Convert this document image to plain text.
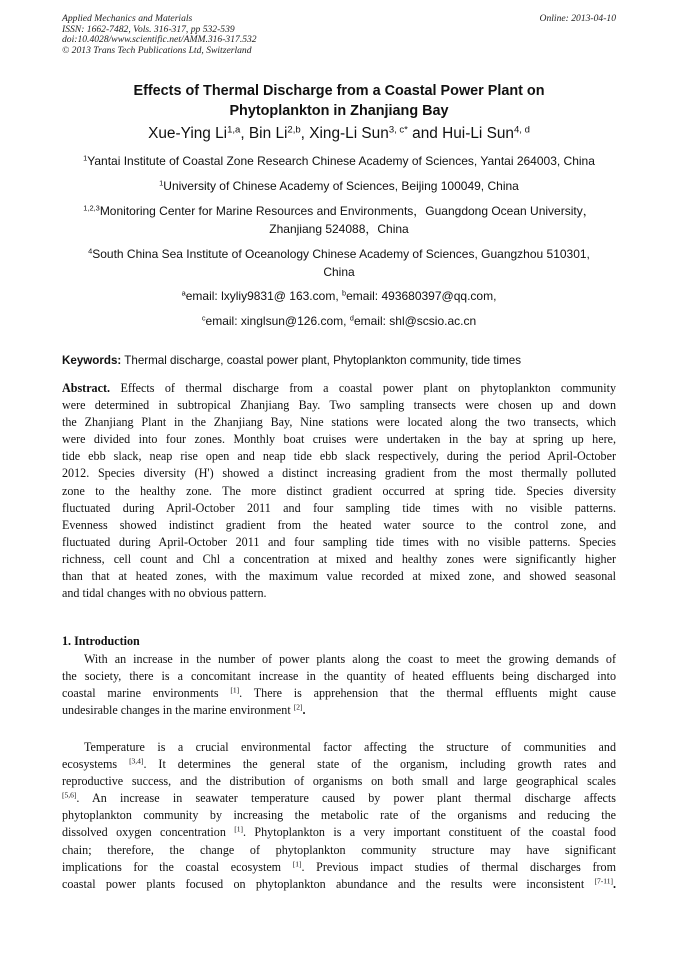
Applied Mechanics and Materials
ISSN: 1662-7482, Vols. 316-317, pp 532-539
doi:10.4028/www.scientific.net/AMM.316-317.532
© 2013 Trans Tech Publications Ltd, Switzerland
Online: 2013-04-10
Effects of Thermal Discharge from a Coastal Power Plant on
Phytoplankton in Zhanjiang Bay
Xue-Ying Li$^{1,a}$, Bin Li$^{2,b}$, Xing-Li Sun$^{3, c*}$ and Hui-Li Sun$^{4, d}$
$^1$Yantai Institute of Coastal Zone Research Chinese Academy of Sciences, Yantai 264003, China
$^1$University of Chinese Academy of Sciences, Beijing 100049, China
$^{1,2,3}$Monitoring Center for Marine Resources and Environments，Guangdong Ocean University，
Zhanjiang 524088，China
$^4$South China Sea Institute of Oceanology Chinese Academy of Sciences, Guangzhou 510301,
China
$^a$email: lxyliy9831@ 163.com, $^b$email: 493680397@qq.com,
$^c$email: xinglsun@126.com, $^d$email: shl@scsio.ac.cn
Keywords: Thermal discharge, coastal power plant, Phytoplankton community, tide times
Abstract. Effects of thermal discharge from a coastal power plant on phytoplankton community
were determined in subtropical Zhanjiang Bay. Two sampling transects were chosen up and down
the Zhanjiang Plant in the Zhanjiang Bay, Nine stations were located along the two transects, which
were divided into four zones. Monthly boat cruises were undertaken in the bay at spring up here,
tide ebb slack, neap rise open and neap tide ebb slack respectively, during the period April-October
2012. Species diversity (H') showed a distinct increasing gradient from the most thermally polluted
zone to the healthy zone. The more distinct gradient occurred at spring tide. Species diversity
fluctuated during April-October 2011 and four sampling tide times with no visible patterns.
Evenness showed indistinct gradient from the heated water source to the control zone, and
fluctuated during April-October 2011 and four sampling tide times with no visible patterns. Species
richness, cell count and Chl a concentration at mixed and healthy zones were significantly higher
than that at heated zones, with the maximum value recorded at mixed zone, and showed seasonal
and tidal changes with no obvious pattern.
1. Introduction
With an increase in the number of power plants along the coast to meet the growing demands of
the society, there is a concomitant increase in the quantity of heated effluents being discharged into
coastal marine environments [1]. There is apprehension that the thermal effluents might cause
undesirable changes in the marine environment [2].
Temperature is a crucial environmental factor affecting the structure of communities and
ecosystems [3,4]. It determines the general state of the organism, including growth rates and
reproductive success, and the distribution of organisms on both small and large geographical scales
[5,6]. An increase in seawater temperature caused by power plant thermal discharge affects
phytoplankton community by increasing the metabolic rate of the organisms and reducing the
dissolved oxygen concentration [1]. Phytoplankton is a very important constituent of the coastal food
chain; therefore, the change of phytoplankton community structure may have significant
implications for the coastal ecosystem [1]. Previous impact studies of thermal discharges from
coastal power plants focused on phytoplankton abundance and the results were inconsistent [7-11].
